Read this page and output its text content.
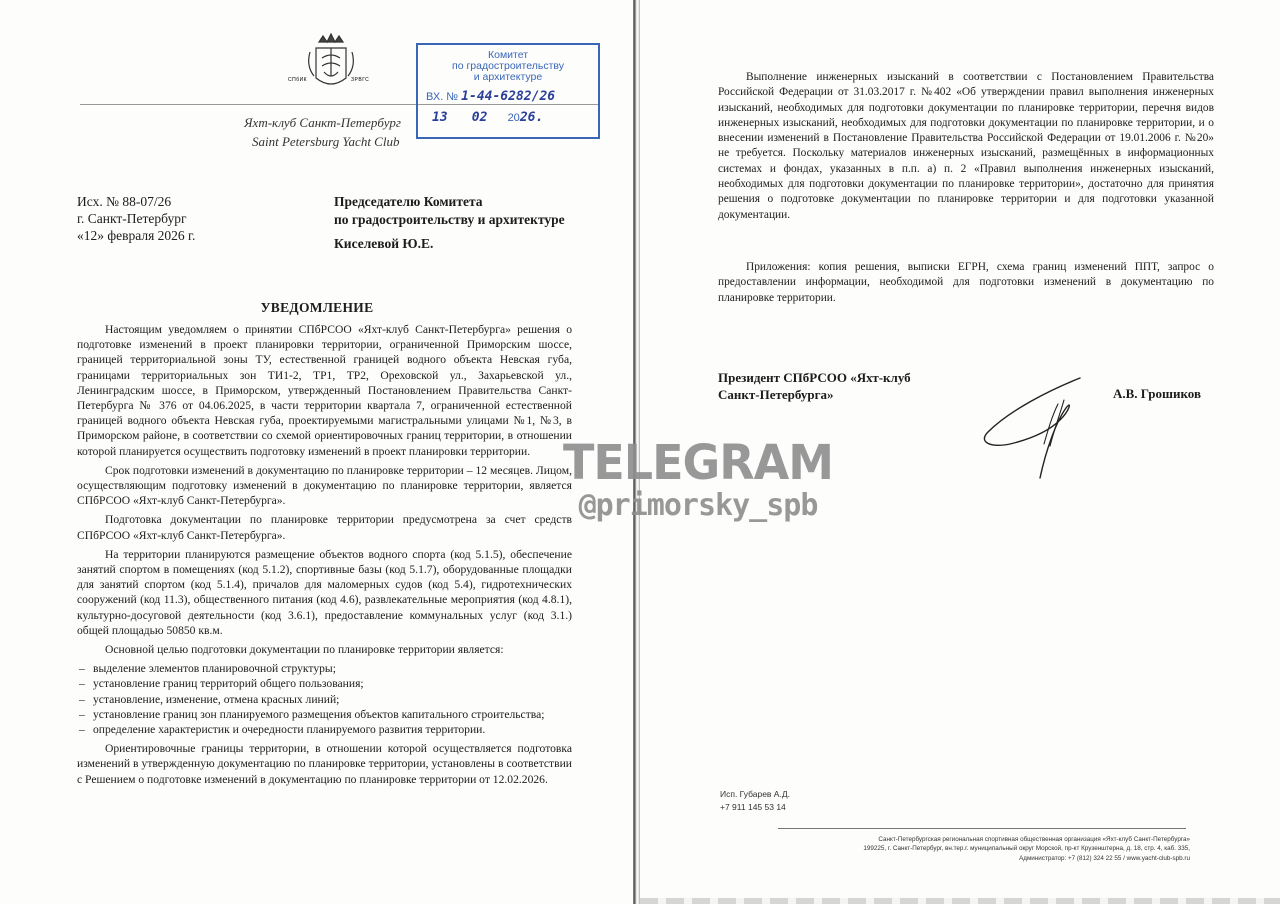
СПбИК	ЗРВГС
Яхт-клуб Санкт-Петербург
Saint Petersburg Yacht Club
Комитет
по градостроительству
и архитектуре
ВХ. № 1-44-6282/26
13 02 2026.
Исх. № 88-07/26
г. Санкт-Петербург
«12» февраля 2026 г.
Председателю Комитета
по градостроительству и архитектуре
Киселевой Ю.Е.
УВЕДОМЛЕНИЕ

Настоящим уведомляем о принятии СПбРСОО «Яхт-клуб Санкт-Петербурга» решения о подготовке изменений в проект планировки территории, ограниченной Приморским шоссе, границей территориальной зоны ТУ, естественной границей водного объекта Невская губа, границами территориальных зон ТИ1-2, ТР1, ТР2, Ореховской ул., Захарьевской ул., Ленинградским шоссе, в Приморском, утвержденный Постановлением Правительства Санкт-Петербурга № 376 от 04.06.2025, в части территории квартала 7, ограниченной естественной границей водного объекта Невская губа, проектируемыми магистральными улицами №1, №3, в Приморском районе, в соответствии со схемой ориентировочных границ территории, в отношении которой планируется осуществить подготовку изменений в проект планировки территории.

Срок подготовки изменений в документацию по планировке территории – 12 месяцев. Лицом, осуществляющим подготовку изменений в документацию по планировке территории, является СПбРСОО «Яхт-клуб Санкт-Петербурга».

Подготовка документации по планировке территории предусмотрена за счет средств СПбРСОО «Яхт-клуб Санкт-Петербурга».

На территории планируются размещение объектов водного спорта (код 5.1.5), обеспечение занятий спортом в помещениях (код 5.1.2), спортивные базы (код 5.1.7), оборудованные площадки для занятий спортом (код 5.1.4), причалов для маломерных судов (код 5.4), гидротехнических сооружений (код 11.3), общественного питания (код 4.6), развлекательные мероприятия (код 4.8.1), культурно-досуговой деятельности (код 3.6.1), предоставление коммунальных услуг (код 3.1.) общей площадью 50850 кв.м.

Основной целью подготовки документации по планировке территории является:

– выделение элементов планировочной структуры;
– установление границ территорий общего пользования;
– установление, изменение, отмена красных линий;
– установление границ зон планируемого размещения объектов капитального строительства;
– определение характеристик и очередности планируемого развития территории.

Ориентировочные границы территории, в отношении которой осуществляется подготовка изменений в утвержденную документацию по планировке территории, установлены в соответствии с Решением о подготовке изменений в документацию по планировке территории от 12.02.2026.

Выполнение инженерных изысканий в соответствии с Постановлением Правительства Российской Федерации от 31.03.2017 г. №402 «Об утверждении правил выполнения инженерных изысканий, необходимых для подготовки документации по планировке территории, перечня видов инженерных изысканий, необходимых для подготовки документации по планировке территории, и о внесении изменений в Постановление Правительства Российской Федерации от 19.01.2006 г. №20» не требуется. Поскольку материалов инженерных изысканий, размещённых в информационных системах и фондах, указанных в п.п. а) п. 2 «Правил выполнения инженерных изысканий, необходимых для подготовки документации по планировке территории», достаточно для принятия решения о подготовке документации по планировке территории и для подготовки указанной документации.

Приложения: копия решения, выписки ЕГРН, схема границ изменений ППТ, запрос о предоставлении информации, необходимой для подготовки изменений в документацию по планировке территории.

Президент СПбРСОО «Яхт-клуб
Санкт-Петербурга»	А.В. Грошиков
Исп. Губарев А.Д.
+7 911 145 53 14
Санкт-Петербургская региональная спортивная общественная организация «Яхт-клуб Санкт-Петербурга»
199225, г. Санкт-Петербург, вн.тер.г. муниципальный округ Морской, пр-кт Крузенштерна, д. 18, стр. 4, каб. 335,
Администратор: +7 (812) 324 22 55 / www.yacht-club-spb.ru
TELEGRAM
@primorsky_spb
